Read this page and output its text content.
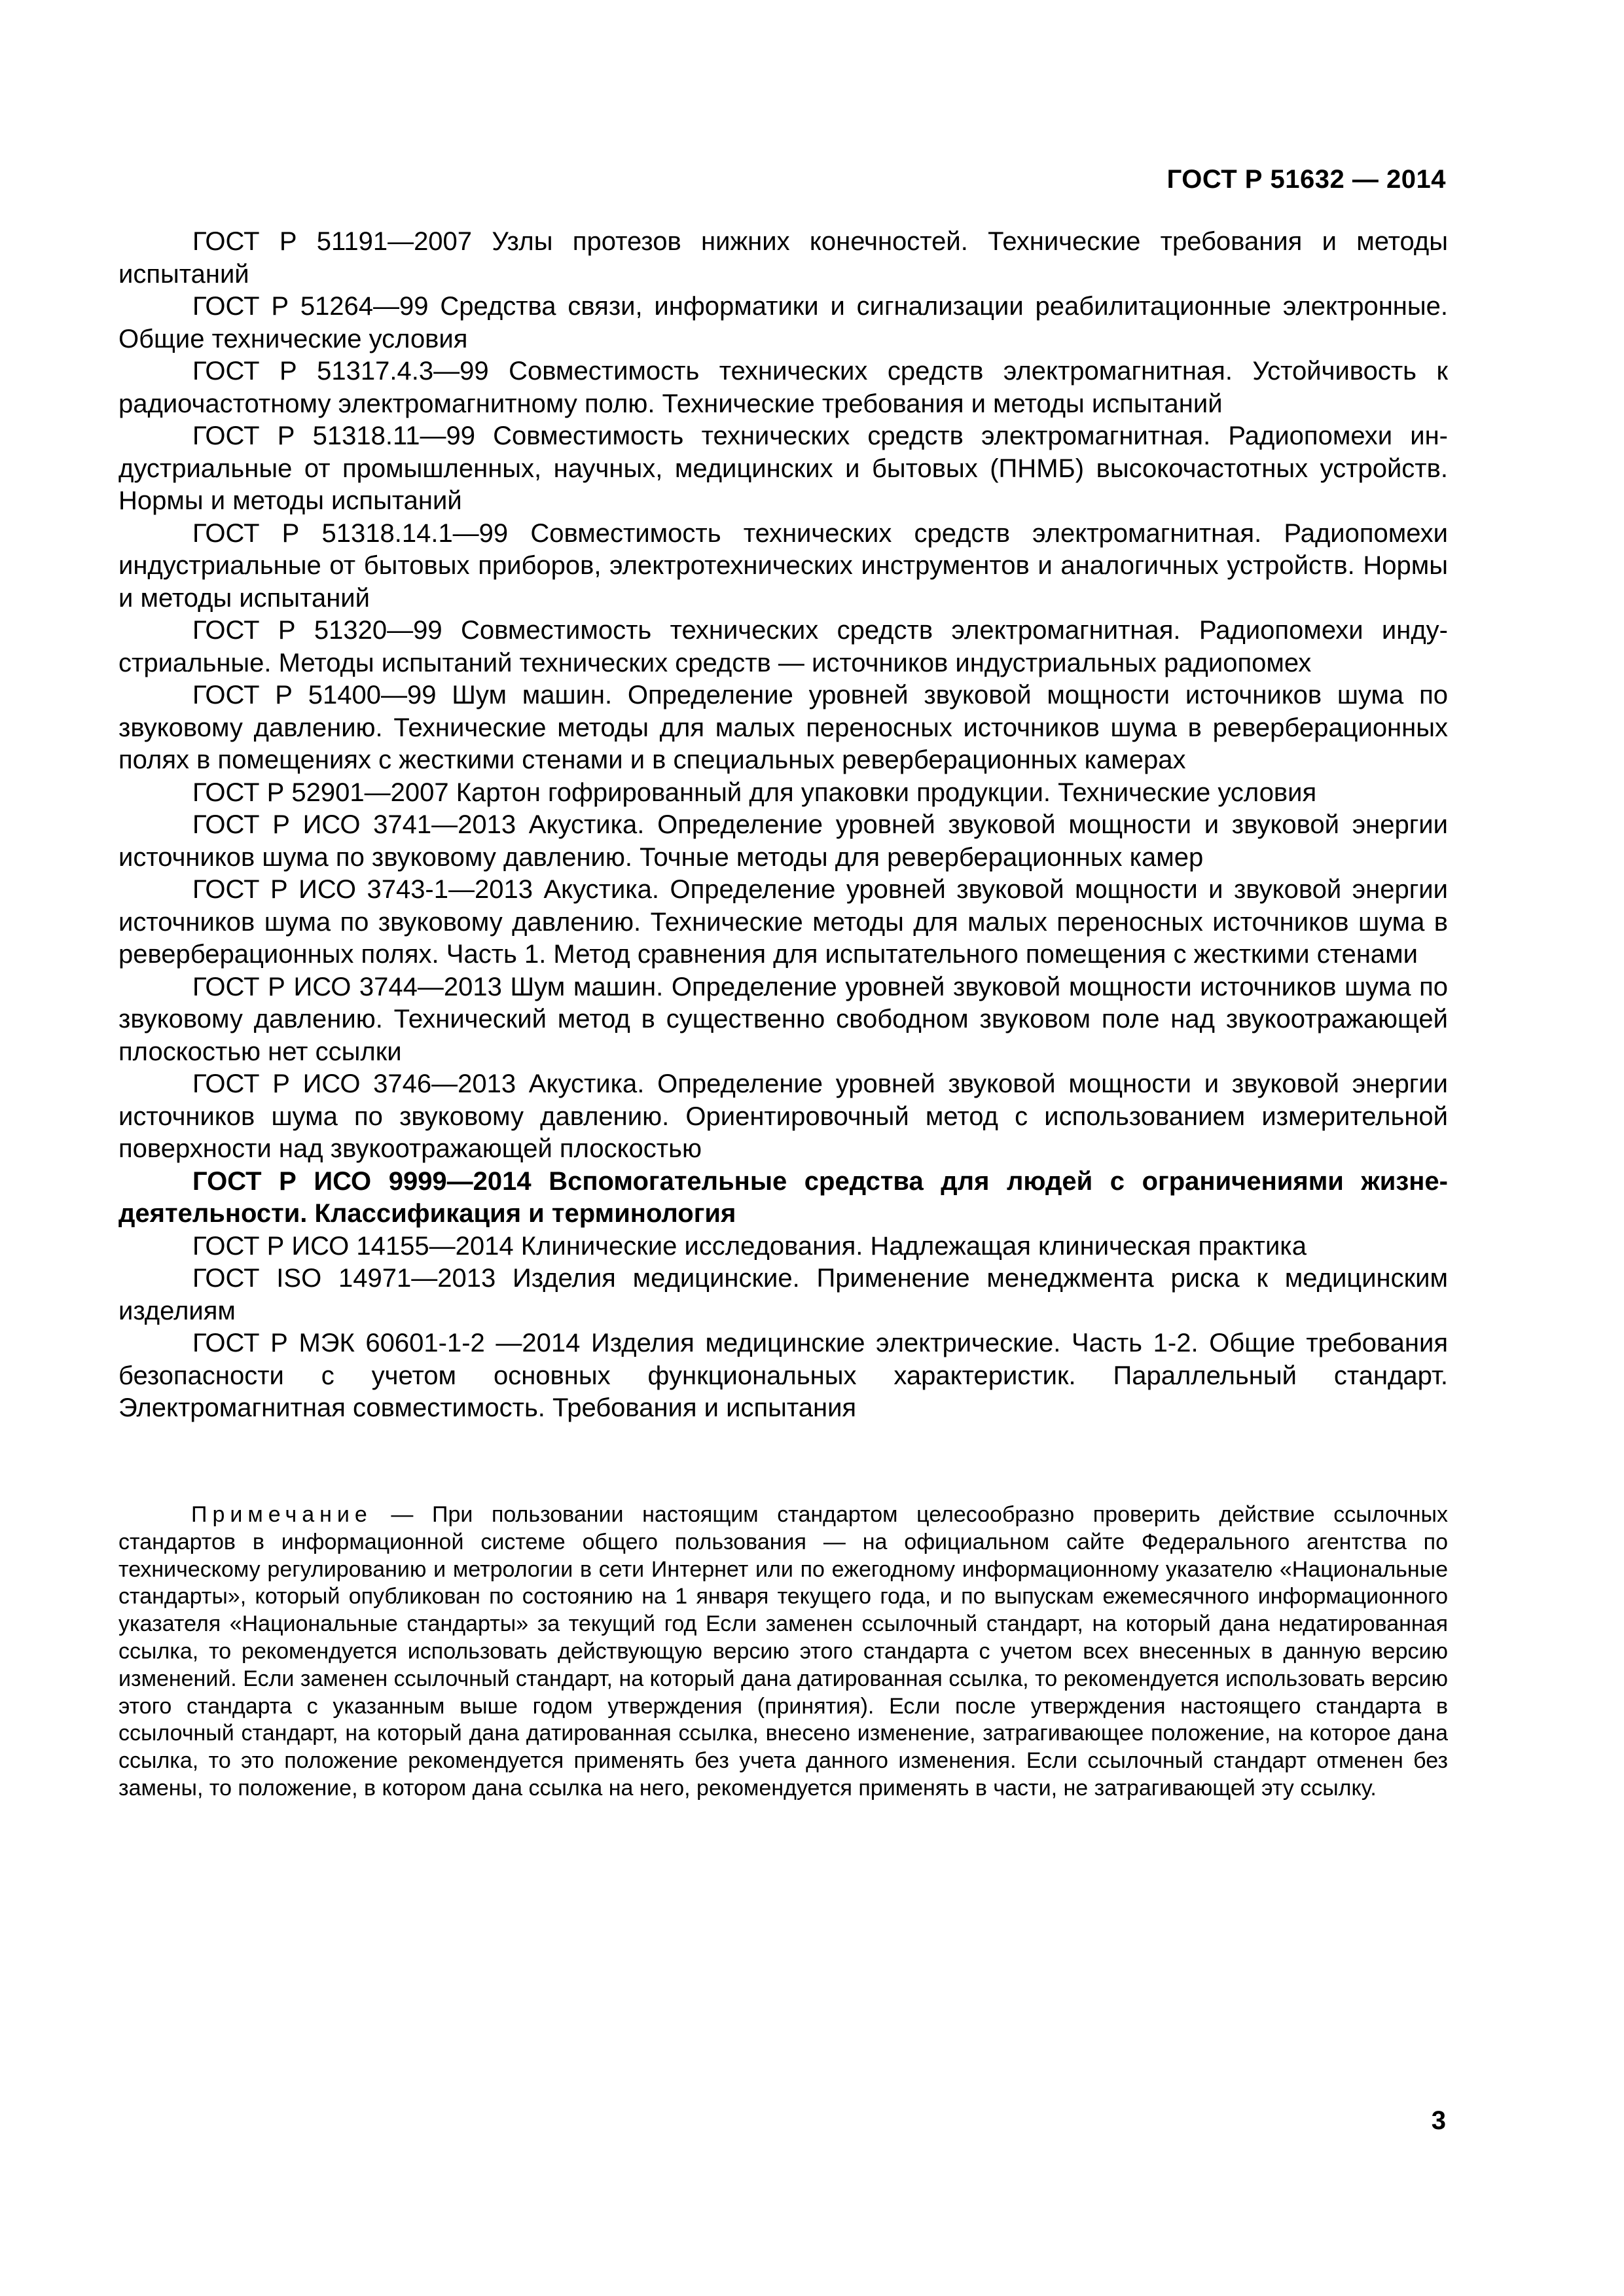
ГОСТ Р 51632 — 2014

ГОСТ Р 51191—2007 Узлы протезов нижних конечностей. Технические требования и методы испытаний

ГОСТ Р 51264—99 Средства связи, информатики и сигнализации реабилитационные электронные. Общие технические условия

ГОСТ Р 51317.4.3—99 Совместимость технических средств электромагнитная. Устойчивость к радиочастотному электромагнитному полю. Технические требования и методы испытаний

ГОСТ Р 51318.11—99 Совместимость технических средств электромагнитная. Радиопомехи индустриальные от промышленных, научных, медицинских и бытовых (ПНМБ) высокочастотных устройств. Нормы и методы испытаний

ГОСТ Р 51318.14.1—99 Совместимость технических средств электромагнитная. Радиопомехи индустриальные от бытовых приборов, электротехнических инструментов и аналогичных устройств. Нормы и методы испытаний

ГОСТ Р 51320—99 Совместимость технических средств электромагнитная. Радиопомехи индустриальные. Методы испытаний технических средств — источников индустриальных радиопомех

ГОСТ Р 51400—99 Шум машин. Определение уровней звуковой мощности источников шума по звуковому давлению. Технические методы для малых переносных источников шума в реверберационных полях в помещениях с жесткими стенами и в специальных реверберационных камерах

ГОСТ Р 52901—2007 Картон гофрированный для упаковки продукции. Технические условия

ГОСТ Р ИСО 3741—2013 Акустика. Определение уровней звуковой мощности и звуковой энергии источников шума по звуковому давлению. Точные методы для реверберационных камер

ГОСТ Р ИСО 3743-1—2013 Акустика. Определение уровней звуковой мощности и звуковой энергии источников шума по звуковому давлению. Технические методы для малых переносных источников шума в реверберационных полях. Часть 1. Метод сравнения для испытательного помещения с жесткими стенами

ГОСТ Р ИСО 3744—2013 Шум машин. Определение уровней звуковой мощности источников шума по звуковому давлению. Технический метод в существенно свободном звуковом поле над звукоотражающей плоскостью нет ссылки

ГОСТ Р ИСО 3746—2013 Акустика. Определение уровней звуковой мощности и звуковой энергии источников шума по звуковому давлению. Ориентировочный метод с использованием измерительной поверхности над звукоотражающей плоскостью

ГОСТ Р ИСО 9999—2014 Вспомогательные средства для людей с ограничениями жизнедеятельности. Классификация и терминология

ГОСТ Р ИСО 14155—2014 Клинические исследования. Надлежащая клиническая практика

ГОСТ ISO 14971—2013 Изделия медицинские. Применение менеджмента риска к медицинским изделиям

ГОСТ Р МЭК 60601-1-2 —2014 Изделия медицинские электрические. Часть 1-2. Общие требования безопасности с учетом основных функциональных характеристик. Параллельный стандарт. Электромагнитная совместимость. Требования и испытания

Примечание — При пользовании настоящим стандартом целесообразно проверить действие ссылочных стандартов в информационной системе общего пользования — на официальном сайте Федерального агентства по техническому регулированию и метрологии в сети Интернет или по ежегодному информационному указателю «Национальные стандарты», который опубликован по состоянию на 1 января текущего года, и по выпускам ежемесячного информационного указателя «Национальные стандарты» за текущий год Если заменен ссылочный стандарт, на который дана недатированная ссылка, то рекомендуется использовать действующую версию этого стандарта с учетом всех внесенных в данную версию изменений. Если заменен ссылочный стандарт, на который дана датированная ссылка, то рекомендуется использовать версию этого стандарта с указанным выше годом утверждения (принятия). Если после утверждения настоящего стандарта в ссылочный стандарт, на который дана датированная ссылка, внесено изменение, затрагивающее положение, на которое дана ссылка, то это положение рекомендуется применять без учета данного изменения. Если ссылочный стандарт отменен без замены, то положение, в котором дана ссылка на него, рекомендуется применять в части, не затрагивающей эту ссылку.

3
